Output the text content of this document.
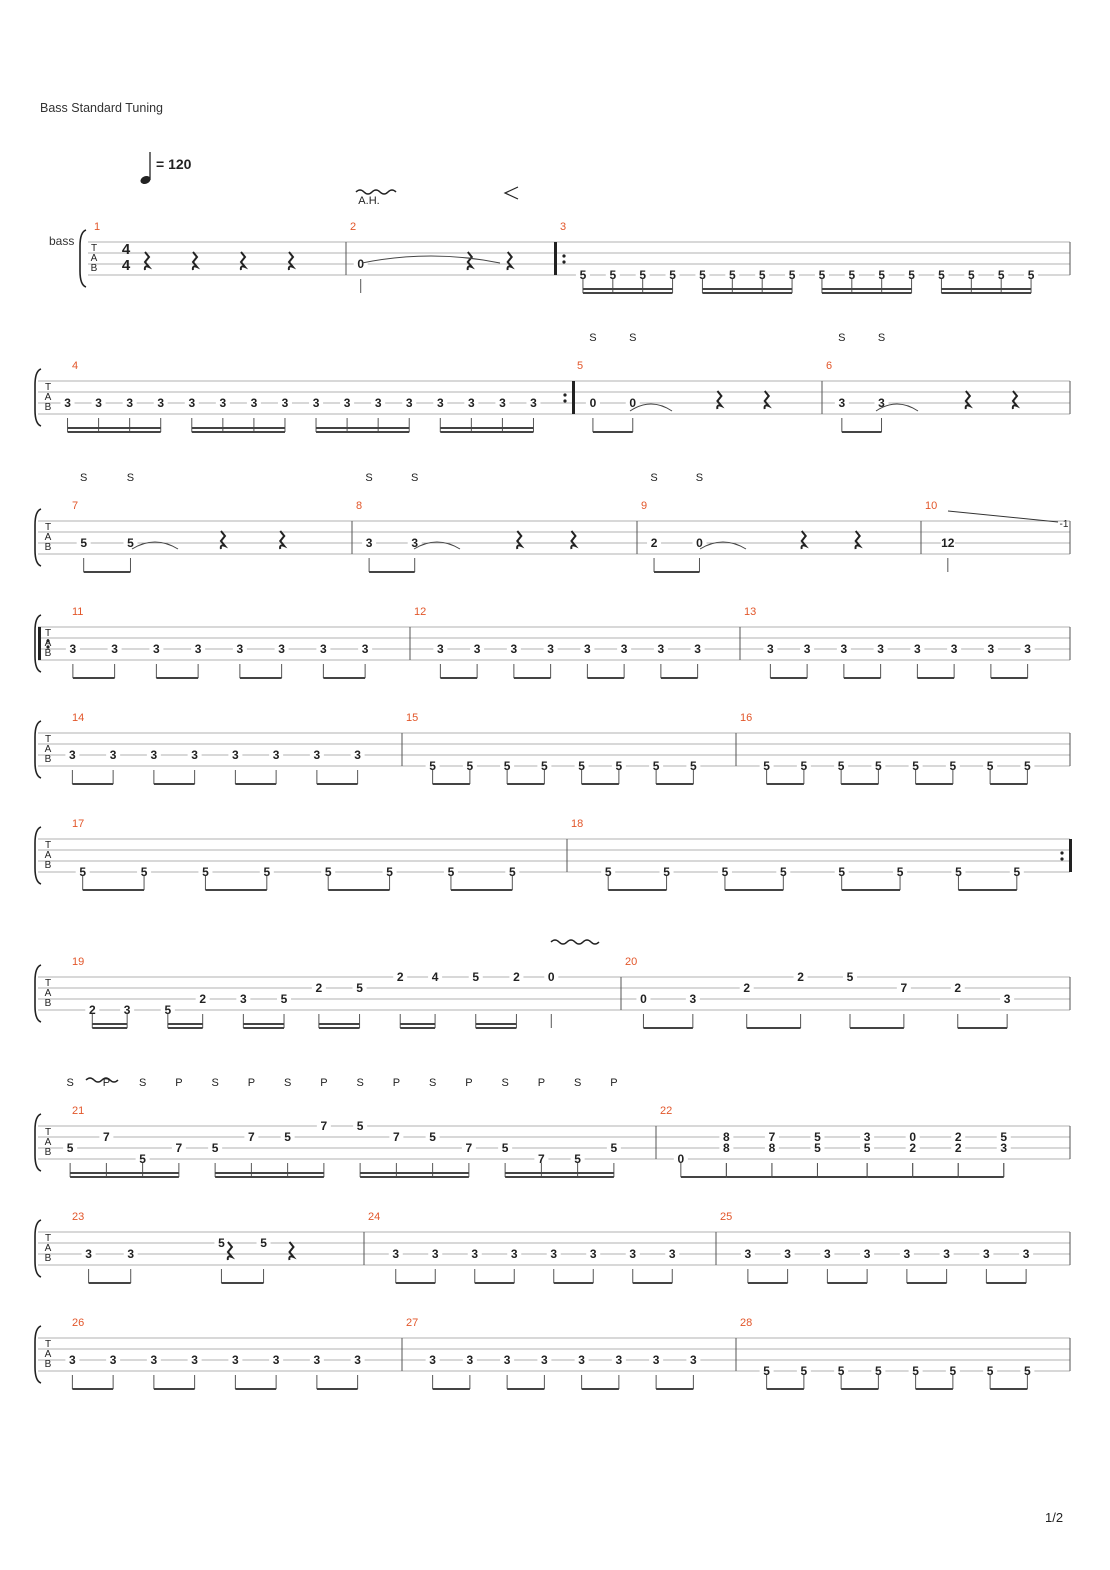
Bass Standard Tuning
= 120
bass
1/2
T
A
B
4
4
1	2
0
3
5 5 5 5 5 5 5 5 5 5 5 5 5 5 5 5
T
A
B
4
3 3 3 3 3 3 3 3 3 3 3 3 3 3 3 3
5
0	0
S	S
6
3	3
S	S
T
A
B
7
5	5
S	S
8
3	3
S	S
9
2	0
S	S
10
12
T
A
B
11
3	3	3	3	3	3	3	3
12
3	3	3	3	3	3	3	3
13
3	3	3	3	3	3	3	3
T
A
B
14
3	3	3	3	3	3	3	3
15
5	5	5	5	5	5	5	5
16
5	5	5	5	5	5	5	5
T
A
B
17
5	5	5	5	5	5	5	5
18
5	5	5	5	5	5	5	5
T
A
B
19
2 3	5
2	3	5
2	5
2 4	5	2 0
20
0	3
2
2	5
7	2
3
T
A
B
21
5
7
5
7 5
7 5
7 5
7 5
7 5
7 5
5
S	P	S	P	S	P	S	P	S	P	S	P	S	P	S	P
22
0
8
8
7
8
5
5
3
5
0
2
2
2
5
3
T
A
B
23
3	3
5	5
24
3	3	3	3	3	3	3	3
25
3	3	3	3	3	3	3	3
T
A
B
26
3	3	3	3	3	3	3	3
27
3	3	3	3	3	3	3	3
28
5	5	5	5	5	5	5	5
A.H.
-1
